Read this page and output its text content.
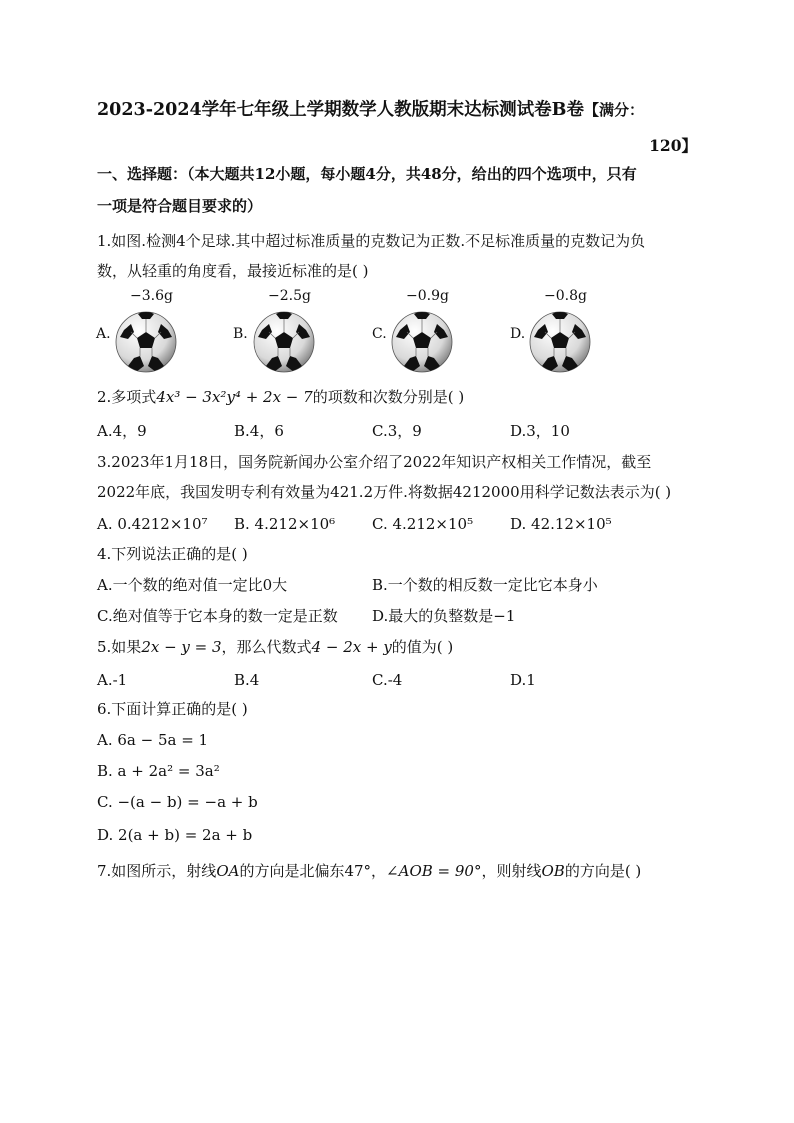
2023-2024学年七年级上学期数学人教版期末达标测试卷B卷【满分：
120】
一、选择题：（本大题共12小题，每小题4分，共48分，给出的四个选项中，只有
一项是符合题目要求的）
1.如图.检测4个足球.其中超过标准质量的克数记为正数.不足标准质量的克数记为负
数，从轻重的角度看，最接近标准的是( )
−3.6g	−2.5g	−0.9g	−0.8g
A.	B.	C.	D.
2.多项式4x³ − 3x²y⁴ + 2x − 7的项数和次数分别是( )
A.4，9	B.4，6	C.3，9	D.3，10
3.2023年1月18日，国务院新闻办公室介绍了2022年知识产权相关工作情况，截至
2022年底，我国发明专利有效量为421.2万件.将数据4212000用科学记数法表示为( )
A. 0.4212×10⁷ B. 4.212×10⁶ C. 4.212×10⁵ D. 42.12×10⁵
4.下列说法正确的是( )
A.一个数的绝对值一定比0大	B.一个数的相反数一定比它本身小
C.绝对值等于它本身的数一定是正数 D.最大的负整数是−1
5.如果2x − y = 3，那么代数式4 − 2x + y的值为( )
A.-1	B.4	C.-4	D.1
6.下面计算正确的是( )
A. 6a − 5a = 1
B. a + 2a² = 3a²
C. −(a − b) = −a + b
D. 2(a + b) = 2a + b
7.如图所示，射线OA的方向是北偏东47°，∠AOB = 90°，则射线OB的方向是( )
